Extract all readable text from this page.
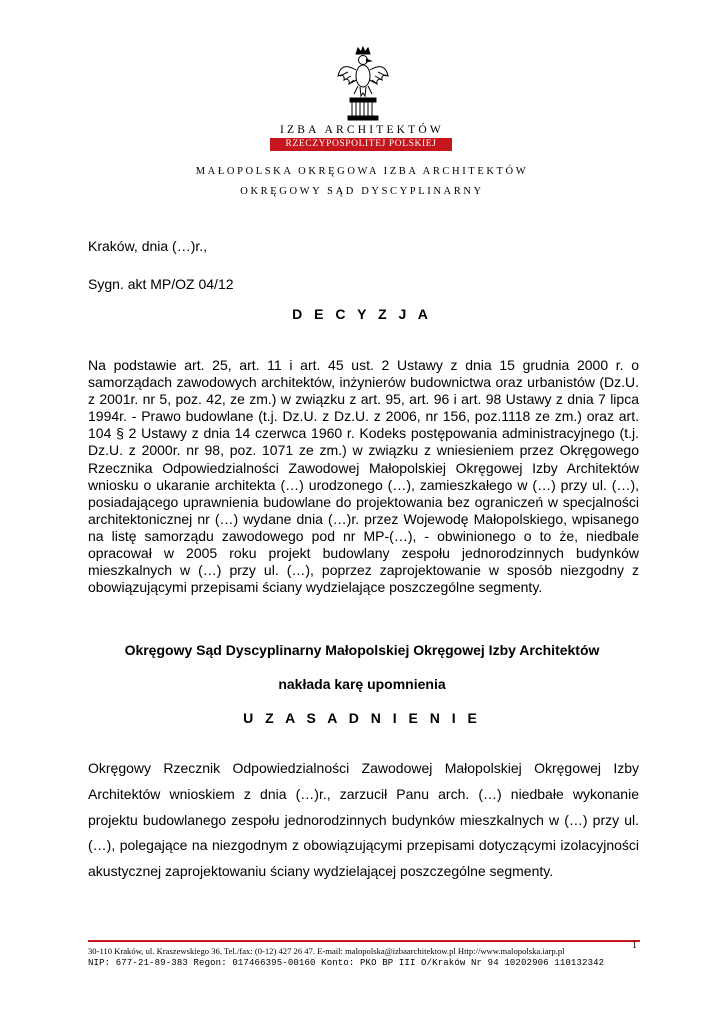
IZBA ARCHITEKTÓW
RZECZYPOSPOLITEJ POLSKIEJ
MAŁOPOLSKA OKRĘGOWA IZBA ARCHITEKTÓW
OKRĘGOWY SĄD DYSCYPLINARNY
Kraków, dnia (…)r.,
Sygn. akt MP/OZ 04/12
D E C Y Z J A
Na podstawie art. 25, art. 11 i art. 45 ust. 2 Ustawy z dnia 15 grudnia 2000 r. o samorządach zawodowych architektów, inżynierów budownictwa oraz urbanistów (Dz.U. z 2001r. nr 5, poz. 42, ze zm.) w związku z art. 95, art. 96 i art. 98 Ustawy z dnia 7 lipca 1994r. - Prawo budowlane (t.j. Dz.U. z Dz.U. z 2006, nr 156, poz.1118 ze zm.) oraz art. 104 § 2 Ustawy z dnia 14 czerwca 1960 r. Kodeks postępowania administracyjnego (t.j. Dz.U. z 2000r. nr 98, poz. 1071 ze zm.) w związku z wniesieniem przez Okręgowego Rzecznika Odpowiedzialności Zawodowej Małopolskiej Okręgowej Izby Architektów wniosku o ukaranie architekta (…) urodzonego (…), zamieszkałego w (…) przy ul. (…), posiadającego uprawnienia budowlane do projektowania bez ograniczeń w specjalności architektonicznej nr (…) wydane dnia (…)r. przez Wojewodę Małopolskiego, wpisanego na listę samorządu zawodowego pod nr MP-(…), - obwinionego o to że, niedbale opracował w 2005 roku projekt budowlany zespołu jednorodzinnych budynków mieszkalnych w (…) przy ul. (…), poprzez zaprojektowanie w sposób niezgodny z obowiązującymi przepisami ściany wydzielające poszczególne segmenty.
Okręgowy Sąd Dyscyplinarny Małopolskiej Okręgowej Izby Architektów
nakłada karę upomnienia
U Z A S A D N I E N I E
Okręgowy Rzecznik Odpowiedzialności Zawodowej Małopolskiej Okręgowej Izby Architektów wnioskiem z dnia (…)r., zarzucił Panu arch. (…) niedbałe wykonanie projektu budowlanego zespołu jednorodzinnych budynków mieszkalnych w (…) przy ul. (…), polegające na niezgodnym z obowiązującymi przepisami dotyczącymi izolacyjności akustycznej zaprojektowaniu ściany wydzielającej poszczególne segmenty.
1
30-110 Kraków, ul. Kraszewskiego 36. Tel./fax: (0-12) 427 26 47. E-mail: malopolska@izbaarchitektow.pl Http://www.malopolska.iarp.pl
NIP: 677-21-89-383 Regon: 017466395-00160 Konto: PKO BP III O/Kraków Nr 94 10202906 110132342
